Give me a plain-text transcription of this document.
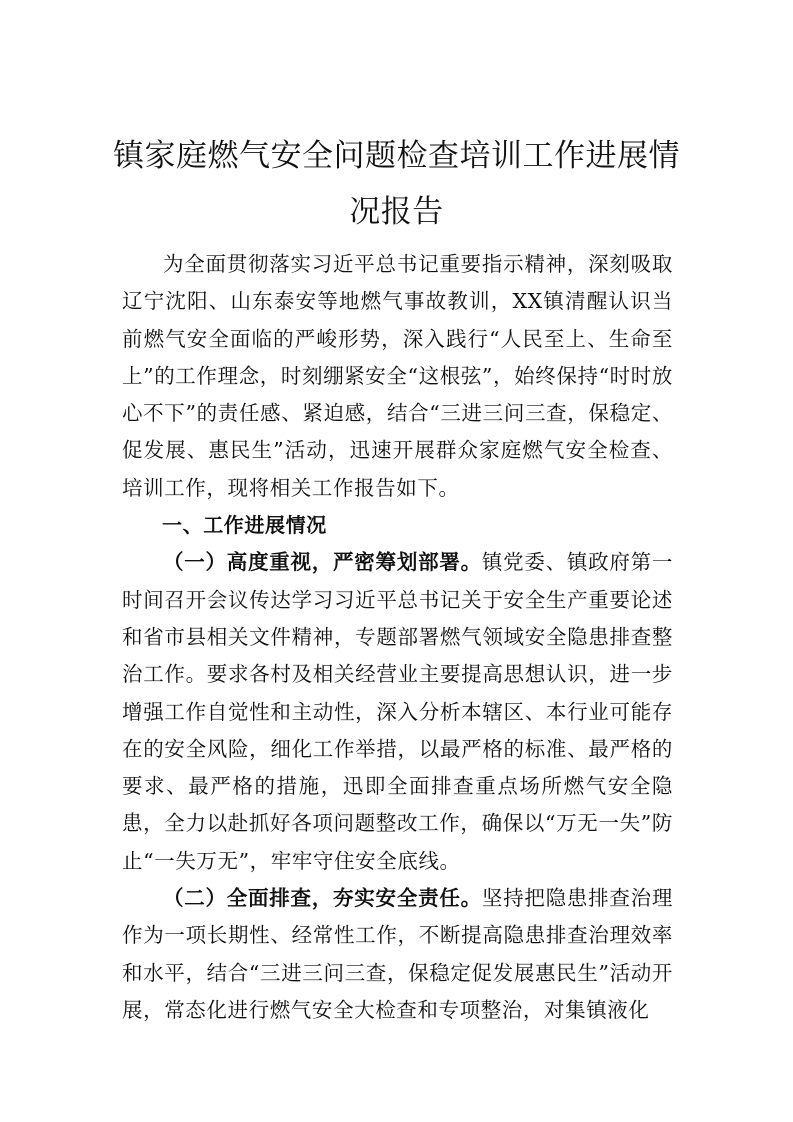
镇家庭燃气安全问题检查培训工作进展情
况报告

为全面贯彻落实习近平总书记重要指示精神，深刻吸取辽宁沈阳、山东泰安等地燃气事故教训，XX镇清醒认识当前燃气安全面临的严峻形势，深入践行“人民至上、生命至上”的工作理念，时刻绷紧安全“这根弦”，始终保持“时时放心不下”的责任感、紧迫感，结合“三进三问三查，保稳定、促发展、惠民生”活动，迅速开展群众家庭燃气安全检查、培训工作，现将相关工作报告如下。

一、工作进展情况

（一）高度重视，严密筹划部署。镇党委、镇政府第一时间召开会议传达学习习近平总书记关于安全生产重要论述和省市县相关文件精神，专题部署燃气领域安全隐患排查整治工作。要求各村及相关经营业主要提高思想认识，进一步增强工作自觉性和主动性，深入分析本辖区、本行业可能存在的安全风险，细化工作举措，以最严格的标准、最严格的要求、最严格的措施，迅即全面排查重点场所燃气安全隐患，全力以赴抓好各项问题整改工作，确保以“万无一失”防止“一失万无”，牢牢守住安全底线。

（二）全面排查，夯实安全责任。坚持把隐患排查治理作为一项长期性、经常性工作，不断提高隐患排查治理效率和水平，结合“三进三问三查，保稳定促发展惠民生”活动开展，常态化进行燃气安全大检查和专项整治，对集镇液化
